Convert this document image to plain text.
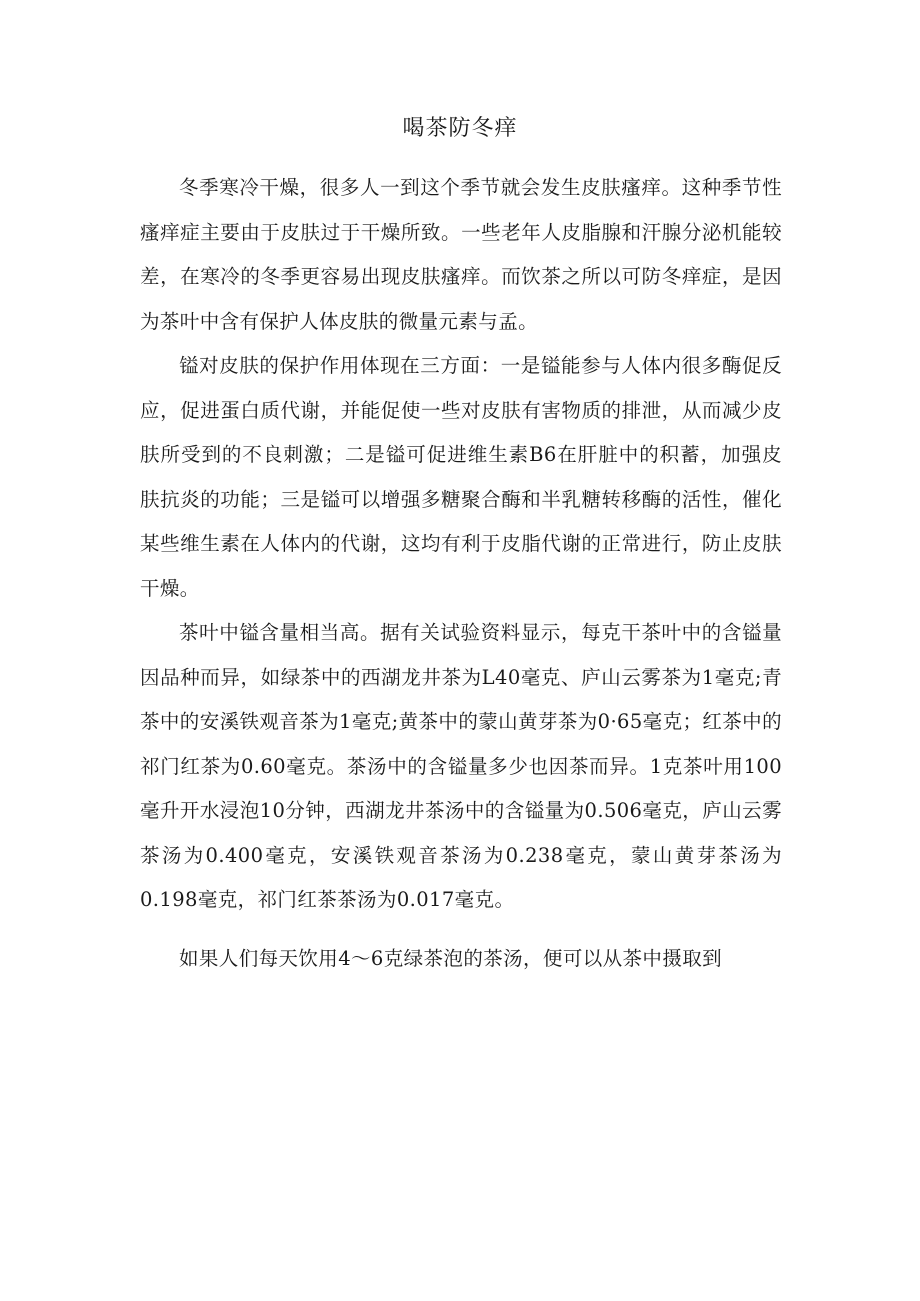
喝茶防冬痒

冬季寒冷干燥，很多人一到这个季节就会发生皮肤瘙痒。这种季节性瘙痒症主要由于皮肤过于干燥所致。一些老年人皮脂腺和汗腺分泌机能较差，在寒冷的冬季更容易出现皮肤瘙痒。而饮茶之所以可防冬痒症，是因为茶叶中含有保护人体皮肤的微量元素与孟。

镒对皮肤的保护作用体现在三方面：一是镒能参与人体内很多酶促反应，促进蛋白质代谢，并能促使一些对皮肤有害物质的排泄，从而减少皮肤所受到的不良刺激；二是镒可促进维生素B6在肝脏中的积蓄，加强皮肤抗炎的功能；三是镒可以增强多糖聚合酶和半乳糖转移酶的活性，催化某些维生素在人体内的代谢，这均有利于皮脂代谢的正常进行，防止皮肤干燥。

茶叶中镒含量相当高。据有关试验资料显示，每克干茶叶中的含镒量因品种而异，如绿茶中的西湖龙井茶为L40毫克、庐山云雾茶为1毫克;青茶中的安溪铁观音茶为1毫克;黄茶中的蒙山黄芽茶为0·65毫克；红茶中的祁门红茶为0.60毫克。茶汤中的含镒量多少也因茶而异。1克茶叶用100毫升开水浸泡10分钟，西湖龙井茶汤中的含镒量为0.506毫克，庐山云雾茶汤为0.400毫克，安溪铁观音茶汤为0.238毫克，蒙山黄芽茶汤为0.198毫克，祁门红茶茶汤为0.017毫克。

如果人们每天饮用4～6克绿茶泡的茶汤，便可以从茶中摄取到
